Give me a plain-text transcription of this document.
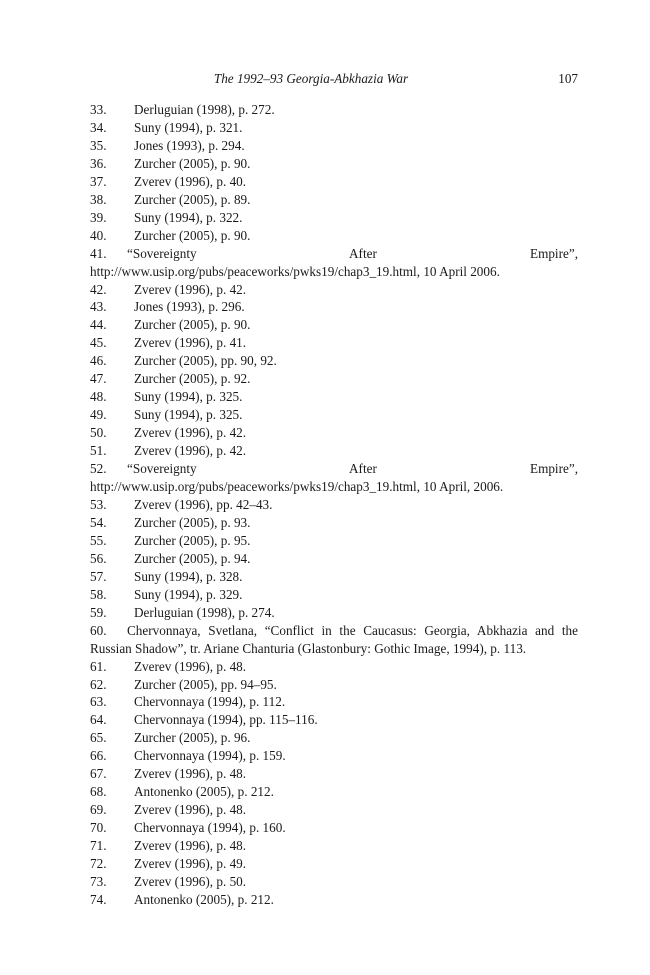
The 1992–93 Georgia-Abkhazia War	107
33 . Derluguian (1998), p. 272.
34 . Suny (1994), p. 321.
35 . Jones (1993), p. 294.
36 . Zurcher (2005), p. 90.
37 . Zverev (1996), p. 40.
38 . Zurcher (2005), p. 89.
39 . Suny (1994), p. 322.
40 . Zurcher (2005), p. 90.
41 . “Sovereignty After Empire”, http://www.usip.org/pubs/peaceworks/pwks19/chap3_19.html, 10 April 2006.
42 . Zverev (1996), p. 42.
43 . Jones (1993), p. 296.
44 . Zurcher (2005), p. 90.
45 . Zverev (1996), p. 41.
46 . Zurcher (2005), pp. 90, 92.
47 . Zurcher (2005), p. 92.
48 . Suny (1994), p. 325.
49 . Suny (1994), p. 325.
50 . Zverev (1996), p. 42.
51 . Zverev (1996), p. 42.
52 . “Sovereignty After Empire”, http://www.usip.org/pubs/peaceworks/pwks19/chap3_19.html, 10 April, 2006.
53 . Zverev (1996), pp. 42–43.
54 . Zurcher (2005), p. 93.
55 . Zurcher (2005), p. 95.
56 . Zurcher (2005), p. 94.
57 . Suny (1994), p. 328.
58 . Suny (1994), p. 329.
59 . Derluguian (1998), p. 274.
60 . Chervonnaya, Svetlana, “Conflict in the Caucasus: Georgia, Abkhazia and the Russian Shadow”, tr. Ariane Chanturia (Glastonbury: Gothic Image, 1994), p. 113.
61 . Zverev (1996), p. 48.
62 . Zurcher (2005), pp. 94–95.
63 . Chervonnaya (1994), p. 112.
64 . Chervonnaya (1994), pp. 115–116.
65 . Zurcher (2005), p. 96.
66 . Chervonnaya (1994), p. 159.
67 . Zverev (1996), p. 48.
68 . Antonenko (2005), p. 212.
69 . Zverev (1996), p. 48.
70 . Chervonnaya (1994), p. 160.
71 . Zverev (1996), p. 48.
72 . Zverev (1996), p. 49.
73 . Zverev (1996), p. 50.
74 . Antonenko (2005), p. 212.
